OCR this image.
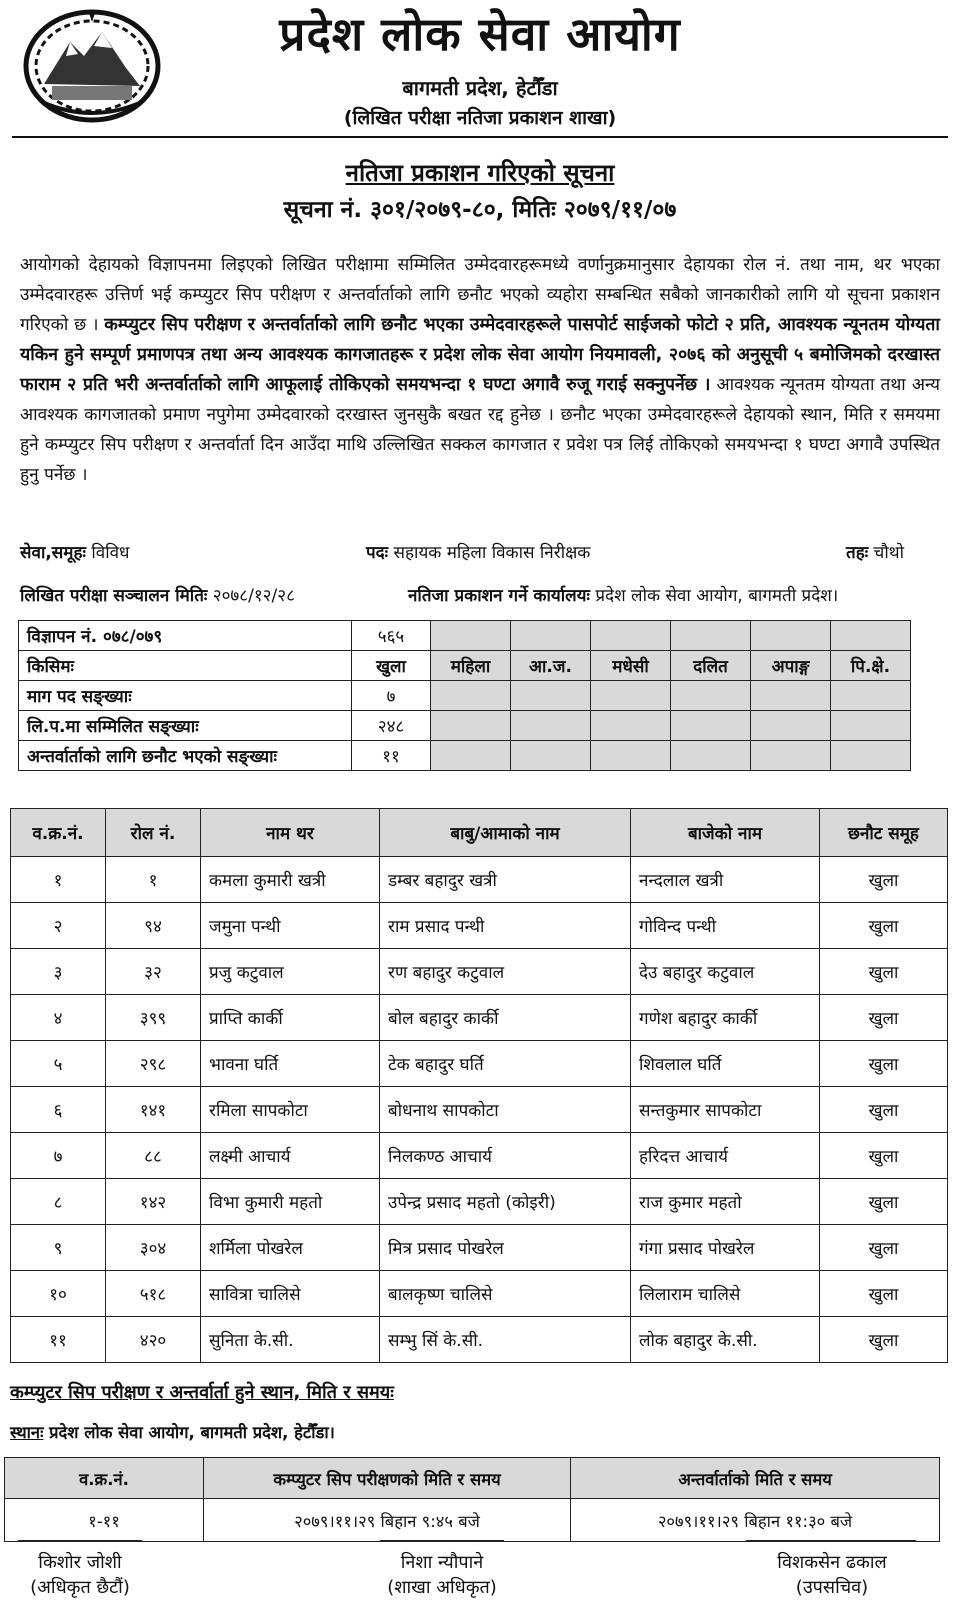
प्रदेश लोक सेवा आयोग
बागमती प्रदेश, हेटौँडा
(लिखित परीक्षा नतिजा प्रकाशन शाखा)
नतिजा प्रकाशन गरिएको सूचना
सूचना नं. ३०१/२०७९-८०, मितिः २०७९/११/०७
आयोगको देहायको विज्ञापनमा लिइएको लिखित परीक्षामा सम्मिलित उम्मेदवारहरूमध्ये वर्णानुक्रमानुसार देहायका रोल नं. तथा नाम, थर भएका उम्मेदवारहरू उत्तिर्ण भई कम्प्युटर सिप परीक्षण र अन्तर्वार्ताको लागि छनौट भएको व्यहोरा सम्बन्धित सबैको जानकारीको लागि यो सूचना प्रकाशन गरिएको छ । कम्प्युटर सिप परीक्षण र अन्तर्वार्ताको लागि छनौट भएका उम्मेदवारहरूले पासपोर्ट साईजको फोटो २ प्रति, आवश्यक न्यूनतम योग्यता यकिन हुने सम्पूर्ण प्रमाणपत्र तथा अन्य आवश्यक कागजातहरू र प्रदेश लोक सेवा आयोग नियमावली, २०७६ को अनुसूची ५ बमोजिमको दरखास्त फाराम २ प्रति भरी अन्तर्वार्ताको लागि आफूलाई तोकिएको समयभन्दा १ घण्टा अगावै रुजू गराई सक्नुपर्नेछ । आवश्यक न्यूनतम योग्यता तथा अन्य आवश्यक कागजातको प्रमाण नपुगेमा उम्मेदवारको दरखास्त जुनसुकै बखत रद्द हुनेछ । छनौट भएका उम्मेदवारहरूले देहायको स्थान, मिति र समयमा हुने कम्प्युटर सिप परीक्षण र अन्तर्वार्ता दिन आउँदा माथि उल्लिखित सक्कल कागजात र प्रवेश पत्र लिई तोकिएको समयभन्दा १ घण्टा अगावै उपस्थित हुनु पर्नेछ ।
सेवा,समूहः विविध	पदः सहायक महिला विकास निरीक्षक	तहः चौथो
लिखित परीक्षा सञ्चालन मितिः २०७८/१२/२८	नतिजा प्रकाशन गर्ने कार्यालयः प्रदेश लोक सेवा आयोग, बागमती प्रदेश।
विज्ञापन नं. ०७८/०७९	५६५						
किसिमः	खुला	महिला	आ.ज.	मधेसी	दलित	अपाङ्ग	पि.क्षे.
माग पद सङ्ख्याः	७						
लि.प.मा सम्मिलित सङ्ख्याः	२४८						
अन्तर्वार्ताको लागि छनौट भएको सङ्ख्याः	११						
व.क्र.नं.	रोल नं.	नाम थर	बाबु/आमाको नाम	बाजेको नाम	छनौट समूह
१	१	कमला कुमारी खत्री	डम्बर बहादुर खत्री	नन्दलाल खत्री	खुला
२	९४	जमुना पन्थी	राम प्रसाद पन्थी	गोविन्द पन्थी	खुला
३	३२	प्रजु कटुवाल	रण बहादुर कटुवाल	देउ बहादुर कटुवाल	खुला
४	३९९	प्राप्ति कार्की	बोल बहादुर कार्की	गणेश बहादुर कार्की	खुला
५	२९८	भावना घर्ति	टेक बहादुर घर्ति	शिवलाल घर्ति	खुला
६	१४१	रमिला सापकोटा	बोधनाथ सापकोटा	सन्तकुमार सापकोटा	खुला
७	८८	लक्ष्मी आचार्य	निलकण्ठ आचार्य	हरिदत्त आचार्य	खुला
८	१४२	विभा कुमारी महतो	उपेन्द्र प्रसाद महतो (कोइरी)	राज कुमार महतो	खुला
९	३०४	शर्मिला पोखरेल	मित्र प्रसाद पोखरेल	गंगा प्रसाद पोखरेल	खुला
१०	५१८	सावित्रा चालिसे	बालकृष्ण चालिसे	लिलाराम चालिसे	खुला
११	४२०	सुनिता के.सी.	सम्भु सिं के.सी.	लोक बहादुर के.सी.	खुला
कम्प्युटर सिप परीक्षण र अन्तर्वार्ता हुने स्थान, मिति र समयः
स्थानः प्रदेश लोक सेवा आयोग, बागमती प्रदेश, हेटौँडा।
व.क्र.नं.	कम्प्युटर सिप परीक्षणको मिति र समय	अन्तर्वार्ताको मिति र समय
१-११	२०७९।११।२९ बिहान ९:४५ बजे	२०७९।११।२९ बिहान ११:३० बजे
किशोर जोशी
(अधिकृत छैटौं)
निशा न्यौपाने
(शाखा अधिकृत)
विशकसेन ढकाल
(उपसचिव)
